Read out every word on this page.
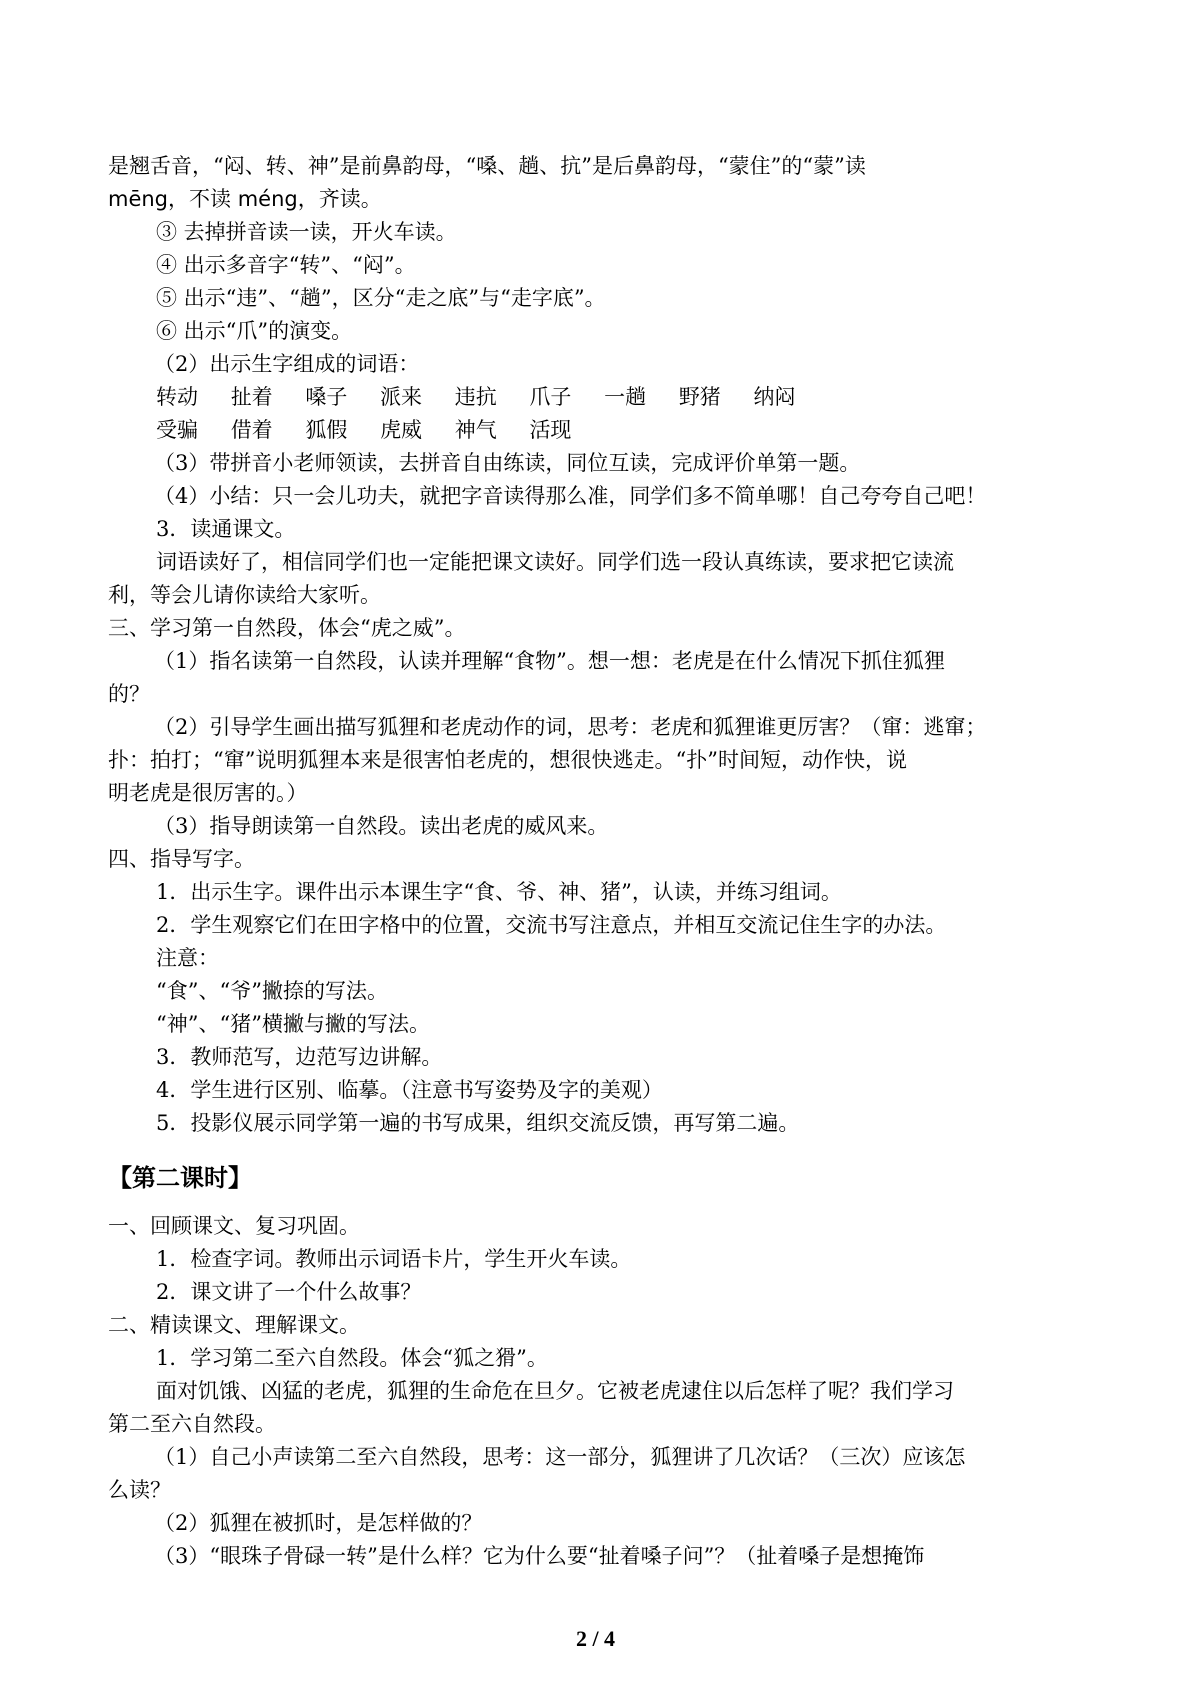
是翘舌音，“闷、转、神”是前鼻韵母，“嗓、趟、抗”是后鼻韵母，“蒙住”的“蒙”读
mēng，不读 méng，齐读。
③ 去掉拼音读一读，开火车读。
④ 出示多音字“转”、“闷”。
⑤ 出示“违”、“趟”，区分“走之底”与“走字底”。
⑥ 出示“爪”的演变。
（2）出示生字组成的词语：
转动 扯着 嗓子 派来 违抗 爪子 一趟 野猪 纳闷
受骗 借着 狐假 虎威 神气 活现
（3）带拼音小老师领读，去拼音自由练读，同位互读，完成评价单第一题。
（4）小结：只一会儿功夫，就把字音读得那么准，同学们多不简单哪！自己夸夸自己吧！
3．读通课文。
词语读好了，相信同学们也一定能把课文读好。同学们选一段认真练读，要求把它读流
利，等会儿请你读给大家听。
三、学习第一自然段，体会“虎之威”。
（1）指名读第一自然段，认读并理解“食物”。想一想：老虎是在什么情况下抓住狐狸
的？
（2）引导学生画出描写狐狸和老虎动作的词，思考：老虎和狐狸谁更厉害？（窜：逃窜；
扑：拍打；“窜”说明狐狸本来是很害怕老虎的，想很快逃走。“扑”时间短，动作快，说
明老虎是很厉害的。）
（3）指导朗读第一自然段。读出老虎的威风来。
四、指导写字。
1．出示生字。课件出示本课生字“食、爷、神、猪”，认读，并练习组词。
2．学生观察它们在田字格中的位置，交流书写注意点，并相互交流记住生字的办法。
注意：
“食”、“爷”撇捺的写法。
“神”、“猪”横撇与撇的写法。
3．教师范写，边范写边讲解。
4．学生进行区别、临摹。（注意书写姿势及字的美观）
5．投影仪展示同学第一遍的书写成果，组织交流反馈，再写第二遍。
【第二课时】
一、回顾课文、复习巩固。
1．检查字词。教师出示词语卡片，学生开火车读。
2．课文讲了一个什么故事？
二、精读课文、理解课文。
1．学习第二至六自然段。体会“狐之猾”。
面对饥饿、凶猛的老虎，狐狸的生命危在旦夕。它被老虎逮住以后怎样了呢？我们学习
第二至六自然段。
（1）自己小声读第二至六自然段，思考：这一部分，狐狸讲了几次话？（三次）应该怎
么读？
（2）狐狸在被抓时，是怎样做的？
（3）“眼珠子骨碌一转”是什么样？它为什么要“扯着嗓子问”？（扯着嗓子是想掩饰
2 / 4
